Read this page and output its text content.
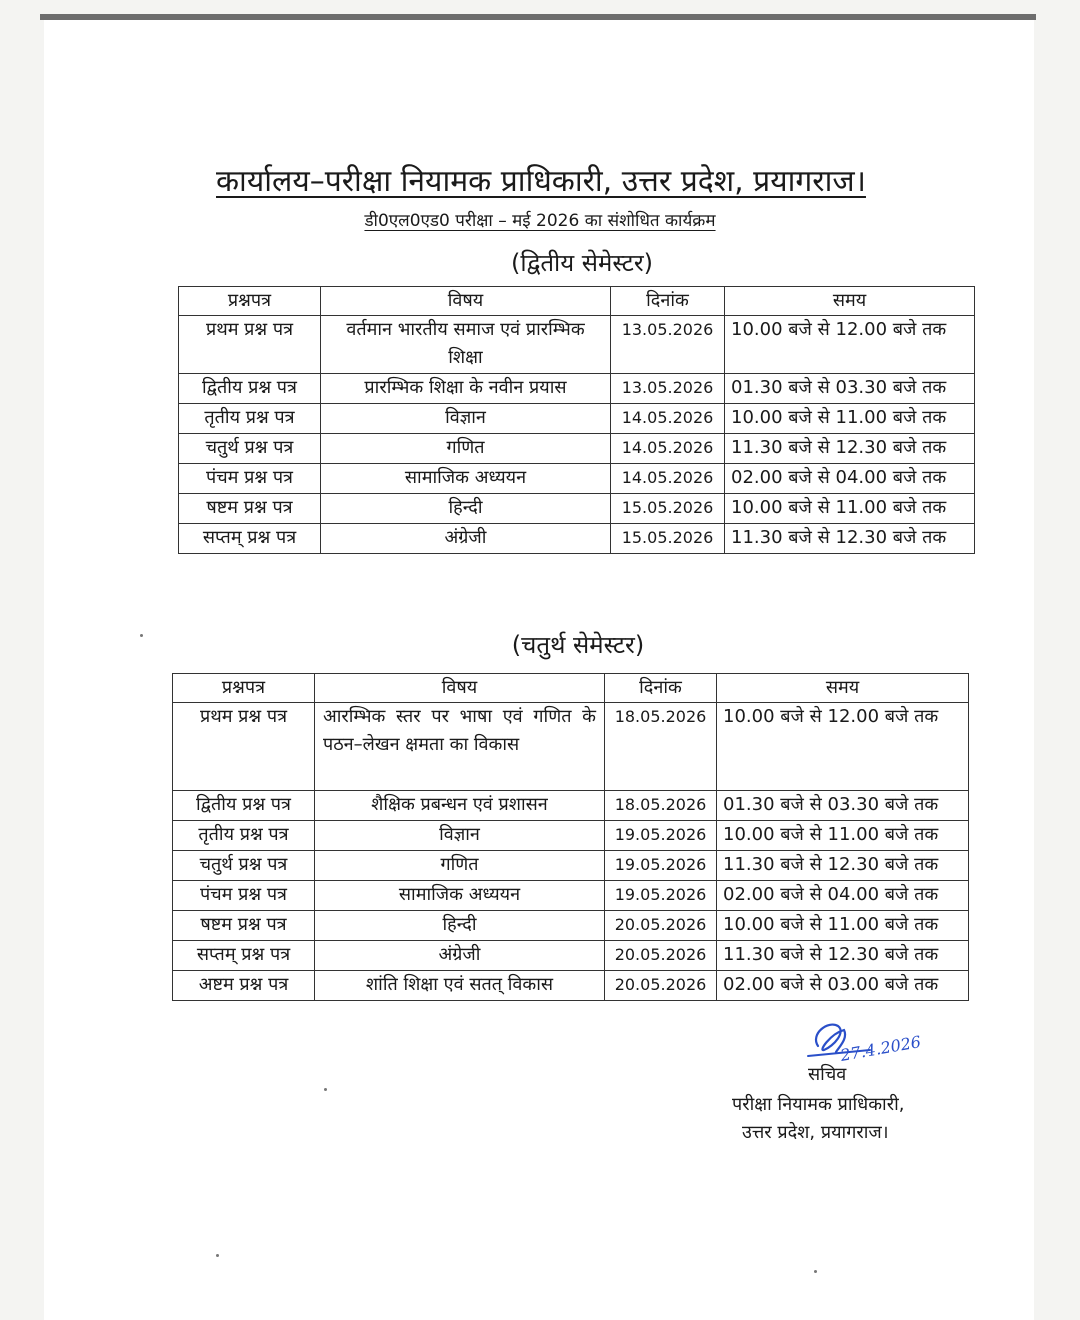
कार्यालय–परीक्षा नियामक प्राधिकारी, उत्तर प्रदेश, प्रयागराज।
डी0एल0एड0 परीक्षा – मई 2026 का संशोधित कार्यक्रम
(द्वितीय सेमेस्टर)
प्रश्नपत्र	विषय	दिनांक	समय
प्रथम प्रश्न पत्र	वर्तमान भारतीय समाज एवं प्रारम्भिक शिक्षा	13.05.2026	10.00 बजे से 12.00 बजे तक
द्वितीय प्रश्न पत्र	प्रारम्भिक शिक्षा के नवीन प्रयास	13.05.2026	01.30 बजे से 03.30 बजे तक
तृतीय प्रश्न पत्र	विज्ञान	14.05.2026	10.00 बजे से 11.00 बजे तक
चतुर्थ प्रश्न पत्र	गणित	14.05.2026	11.30 बजे से 12.30 बजे तक
पंचम प्रश्न पत्र	सामाजिक अध्ययन	14.05.2026	02.00 बजे से 04.00 बजे तक
षष्टम प्रश्न पत्र	हिन्दी	15.05.2026	10.00 बजे से 11.00 बजे तक
सप्तम् प्रश्न पत्र	अंग्रेजी	15.05.2026	11.30 बजे से 12.30 बजे तक
(चतुर्थ सेमेस्टर)
प्रश्नपत्र	विषय	दिनांक	समय
प्रथम प्रश्न पत्र	आरम्भिक स्तर पर भाषा एवं गणित के पठन–लेखन क्षमता का विकास	18.05.2026	10.00 बजे से 12.00 बजे तक
द्वितीय प्रश्न पत्र	शैक्षिक प्रबन्धन एवं प्रशासन	18.05.2026	01.30 बजे से 03.30 बजे तक
तृतीय प्रश्न पत्र	विज्ञान	19.05.2026	10.00 बजे से 11.00 बजे तक
चतुर्थ प्रश्न पत्र	गणित	19.05.2026	11.30 बजे से 12.30 बजे तक
पंचम प्रश्न पत्र	सामाजिक अध्ययन	19.05.2026	02.00 बजे से 04.00 बजे तक
षष्टम प्रश्न पत्र	हिन्दी	20.05.2026	10.00 बजे से 11.00 बजे तक
सप्तम् प्रश्न पत्र	अंग्रेजी	20.05.2026	11.30 बजे से 12.30 बजे तक
अष्टम प्रश्न पत्र	शांति शिक्षा एवं सतत् विकास	20.05.2026	02.00 बजे से 03.00 बजे तक
27.4.2026
सचिव
परीक्षा नियामक प्राधिकारी,
उत्तर प्रदेश, प्रयागराज।
